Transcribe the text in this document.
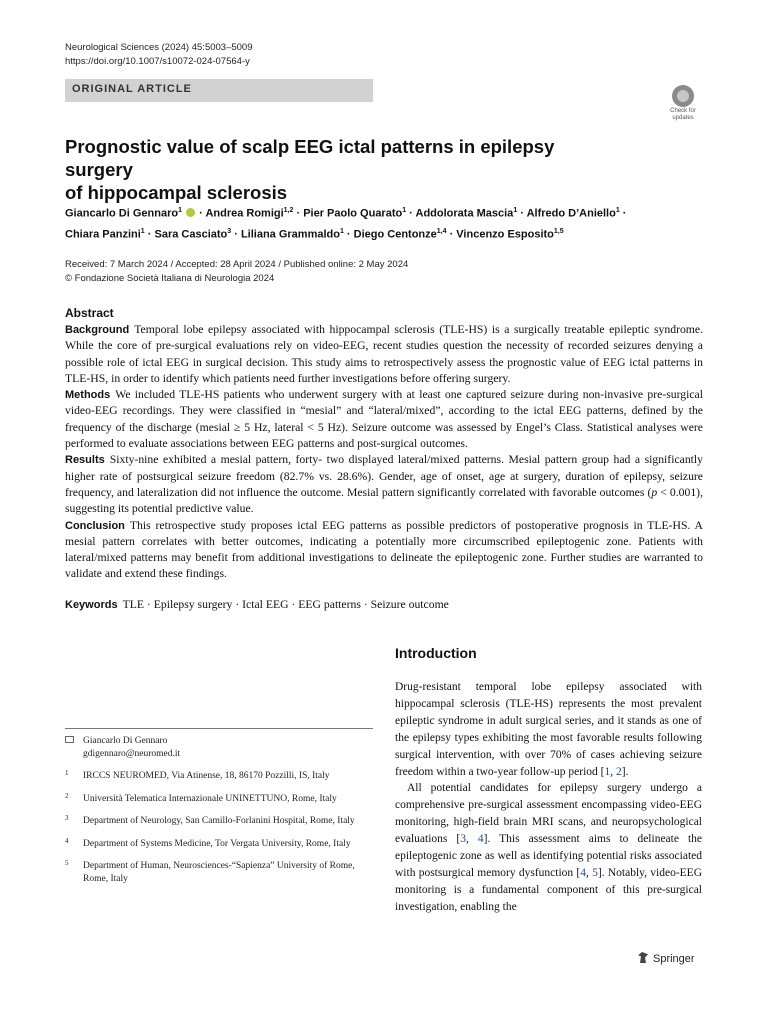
Neurological Sciences (2024) 45:5003–5009
https://doi.org/10.1007/s10072-024-07564-y
ORIGINAL ARTICLE
Check for updates
Prognostic value of scalp EEG ictal patterns in epilepsy surgery
of hippocampal sclerosis
Giancarlo Di Gennaro$^1$  · Andrea Romigi$^{1,2}$ · Pier Paolo Quarato$^1$ · Addolorata Mascia$^1$ · Alfredo D’Aniello$^1$ ·
Chiara Panzini$^1$ · Sara Casciato$^3$ · Liliana Grammaldo$^1$ · Diego Centonze$^{1,4}$ · Vincenzo Esposito$^{1,5}$
Received: 7 March 2024 / Accepted: 28 April 2024 / Published online: 2 May 2024
© Fondazione Società Italiana di Neurologia 2024
Abstract

Background Temporal lobe epilepsy associated with hippocampal sclerosis (TLE-HS) is a surgically treatable epileptic syndrome. While the core of pre-surgical evaluations rely on video-EEG, recent studies question the necessity of recorded seizures denying a possible role of ictal EEG in surgical decision. This study aims to retrospectively assess the prognostic value of EEG ictal patterns in TLE-HS, in order to identify which patients need further investigations before offering surgery.

Methods We included TLE-HS patients who underwent surgery with at least one captured seizure during non-invasive pre-surgical video-EEG recordings. They were classified in “mesial” and “lateral/mixed”, according to the ictal EEG patterns, defined by the frequency of the discharge (mesial ≥ 5 Hz, lateral < 5 Hz). Seizure outcome was assessed by Engel’s Class. Statistical analyses were performed to evaluate associations between EEG patterns and post-surgical outcomes.

Results Sixty-nine exhibited a mesial pattern, forty- two displayed lateral/mixed patterns. Mesial pattern group had a significantly higher rate of postsurgical seizure freedom (82.7% vs. 28.6%). Gender, age of onset, age at surgery, duration of epilepsy, seizure frequency, and lateralization did not influence the outcome. Mesial pattern significantly correlated with favorable outcomes (p < 0.001), suggesting its potential predictive value.

Conclusion This retrospective study proposes ictal EEG patterns as possible predictors of postoperative prognosis in TLE-HS. A mesial pattern correlates with better outcomes, indicating a potentially more circumscribed epileptogenic zone. Patients with lateral/mixed patterns may benefit from additional investigations to delineate the epileptogenic zone. Further studies are warranted to validate and extend these findings.

Keywords TLE · Epilepsy surgery · Ictal EEG · EEG patterns · Seizure outcome
Introduction

Drug-resistant temporal lobe epilepsy associated with hippocampal sclerosis (TLE-HS) represents the most prevalent epileptic syndrome in adult surgical series, and it stands as one of the epilepsy types exhibiting the most favorable results following surgical intervention, with over 70% of cases achieving seizure freedom within a two-year follow-up period [1, 2].

All potential candidates for epilepsy surgery undergo a comprehensive pre-surgical assessment encompassing video-EEG monitoring, high-field brain MRI scans, and neuropsychological evaluations [3, 4]. This assessment aims to delineate the epileptogenic zone as well as identifying potential risks associated with postsurgical memory dysfunction [4, 5]. Notably, video-EEG monitoring is a fundamental component of this pre-surgical investigation, enabling the

Giancarlo Di Gennaro
gdigennaro@neuromed.it
1 IRCCS NEUROMED, Via Atinense, 18, 86170 Pozzilli, IS, Italy
2 Università Telematica Internazionale UNINETTUNO, Rome, Italy
3 Department of Neurology, San Camillo-Forlanini Hospital, Rome, Italy
4 Department of Systems Medicine, Tor Vergata University, Rome, Italy
5 Department of Human, Neurosciences-“Sapienza” University of Rome, Rome, Italy
Springer
